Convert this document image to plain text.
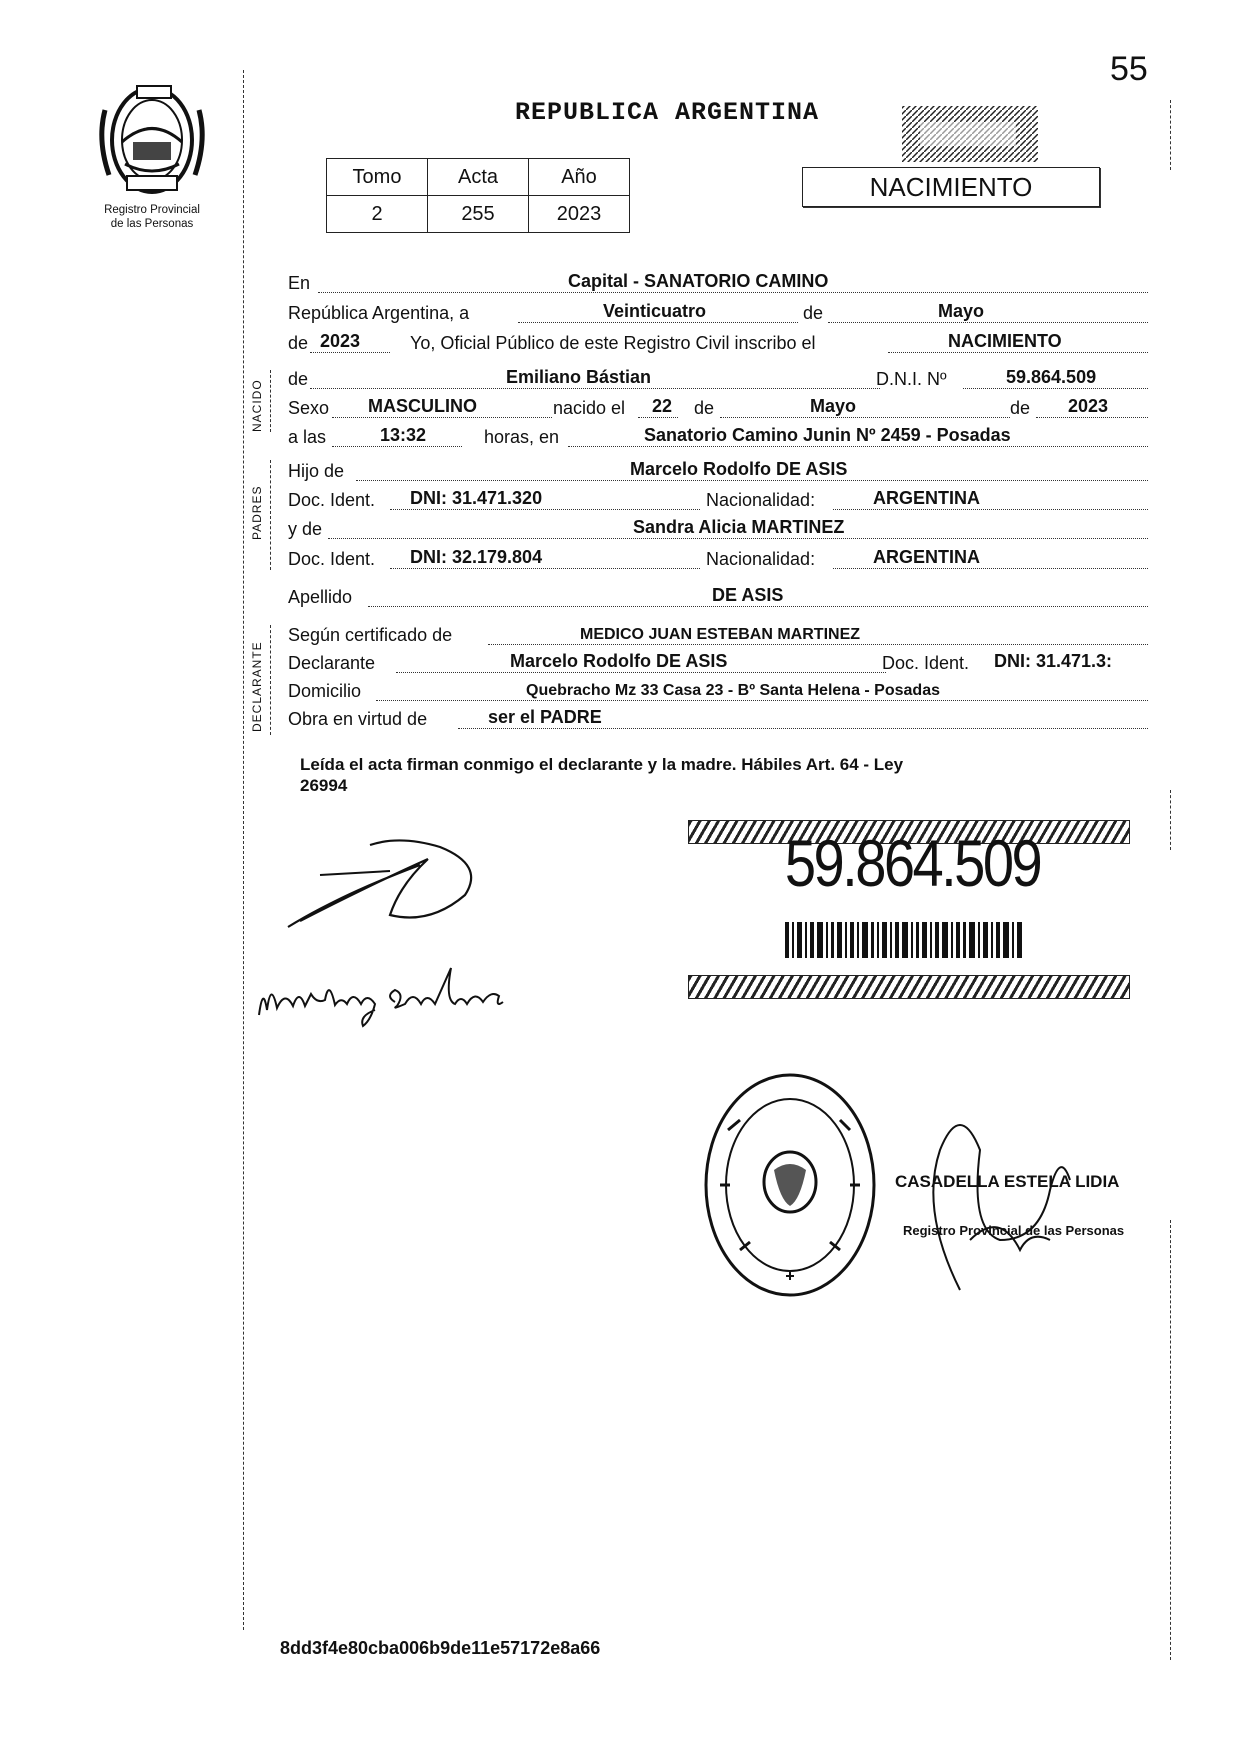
55
Registro Provincial
de las Personas
REPUBLICA ARGENTINA
Tomo	Acta	Año
2	255	2023
NACIMIENTO
NACIDO
PADRES
DECLARANTE
En	Capital - SANATORIO CAMINO
República Argentina, a	Veinticuatro	de	Mayo
de 2023	Yo, Oficial Público de este Registro Civil inscribo el	NACIMIENTO
de	Emiliano Bástian	D.N.I. Nº	59.864.509
Sexo MASCULINO	nacido el 22 de	Mayo	de 2023
a las	13:32	horas, en	Sanatorio Camino Junin Nº 2459 - Posadas
Hijo de	Marcelo Rodolfo DE ASIS
Doc. Ident. DNI: 31.471.320	Nacionalidad:	ARGENTINA
y de	Sandra Alicia MARTINEZ
Doc. Ident. DNI: 32.179.804	Nacionalidad:	ARGENTINA
Apellido	DE ASIS
Según certificado de	MEDICO JUAN ESTEBAN MARTINEZ
Declarante	Marcelo Rodolfo DE ASIS	Doc. Ident. DNI: 31.471.3:
Domicilio	Quebracho Mz 33 Casa 23 - Bº Santa Helena - Posadas
Obra en virtud de	ser el PADRE
Leída el acta firman conmigo el declarante y la madre. Hábiles Art. 64 - Ley
26994
59.864.509
CASADELLA ESTELA LIDIA
Registro Provincial de las Personas
8dd3f4e80cba006b9de11e57172e8a66
